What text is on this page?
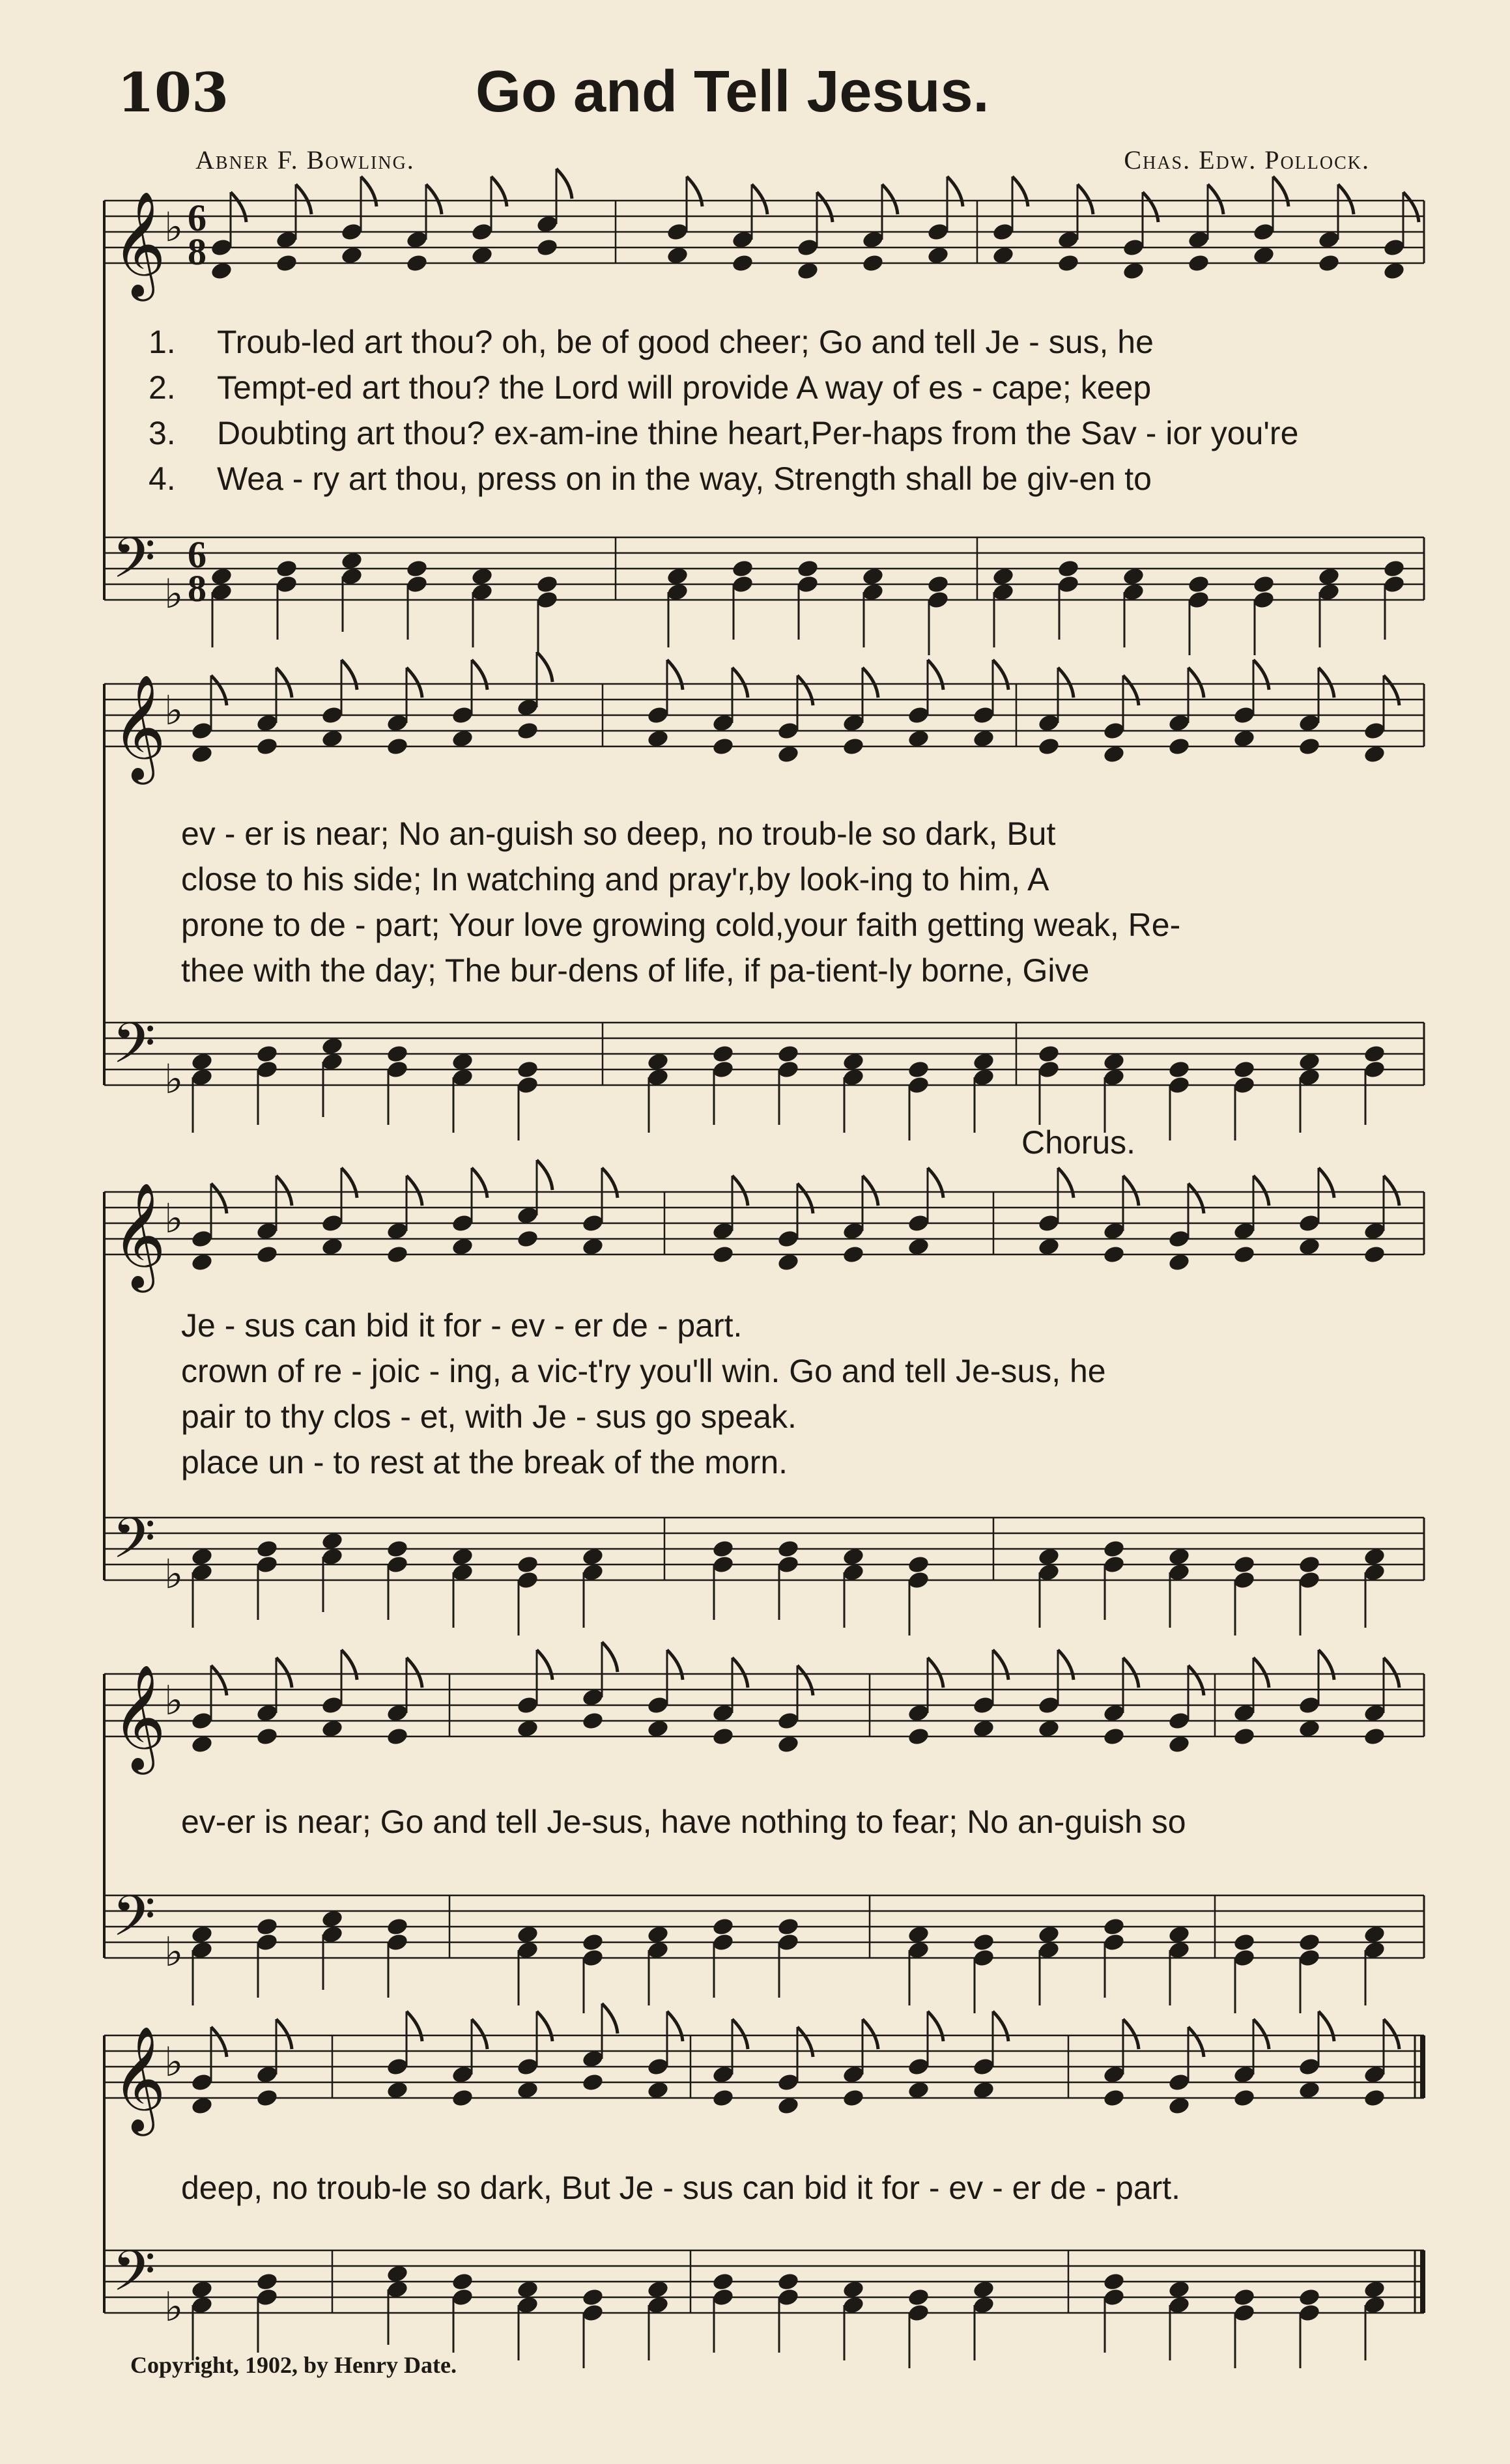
103	Go and Tell Jesus.
Abner F. Bowling.	Chas. Edw. Pollock.
𝄞
𝄢
♭
♭
6
8
6
8
𝄞
𝄢
♭
♭
𝄞
𝄢
♭
♭
𝄞
𝄢
♭
♭
𝄞
𝄢
♭
♭
1. Troub-led art thou? oh, be of good cheer; Go and tell Je - sus, he
2. Tempt-ed art thou? the Lord will provide A way of es - cape; keep
3. Doubting art thou? ex-am-ine thine heart,Per-haps from the Sav - ior you're
4. Wea - ry art thou, press on in the way, Strength shall be giv-en to
ev - er is near; No an-guish so deep, no troub-le so dark, But
close to his side; In watching and pray'r,by look-ing to him, A
prone to de - part; Your love growing cold,your faith getting weak, Re-
thee with the day; The bur-dens of life, if pa-tient-ly borne, Give
Chorus.
Je - sus can bid it for - ev - er de - part.
crown of re - joic - ing, a vic-t'ry you'll win. Go and tell Je-sus, he
pair to thy clos - et, with Je - sus go speak.
place un - to rest at the break of the morn.
ev-er is near; Go and tell Je-sus, have nothing to fear; No an-guish so
deep, no troub-le so dark, But Je - sus can bid it for - ev - er de - part.
Copyright, 1902, by Henry Date.
